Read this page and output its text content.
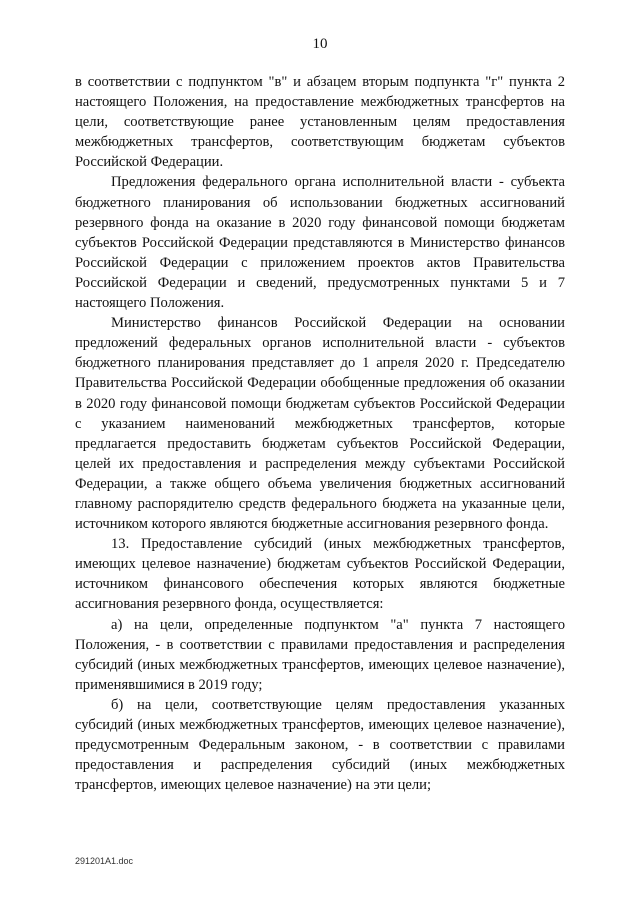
10

в соответствии с подпунктом "в" и абзацем вторым подпункта "г" пункта 2 настоящего Положения, на предоставление межбюджетных трансфертов на цели, соответствующие ранее установленным целям предоставления межбюджетных трансфертов, соответствующим бюджетам субъектов Российской Федерации.

Предложения федерального органа исполнительной власти - субъекта бюджетного планирования об использовании бюджетных ассигнований резервного фонда на оказание в 2020 году финансовой помощи бюджетам субъектов Российской Федерации представляются в Министерство финансов Российской Федерации с приложением проектов актов Правительства Российской Федерации и сведений, предусмотренных пунктами 5 и 7 настоящего Положения.

Министерство финансов Российской Федерации на основании предложений федеральных органов исполнительной власти - субъектов бюджетного планирования представляет до 1 апреля 2020 г. Председателю Правительства Российской Федерации обобщенные предложения об оказании в 2020 году финансовой помощи бюджетам субъектов Российской Федерации с указанием наименований межбюджетных трансфертов, которые предлагается предоставить бюджетам субъектов Российской Федерации, целей их предоставления и распределения между субъектами Российской Федерации, а также общего объема увеличения бюджетных ассигнований главному распорядителю средств федерального бюджета на указанные цели, источником которого являются бюджетные ассигнования резервного фонда.

13. Предоставление субсидий (иных межбюджетных трансфертов, имеющих целевое назначение) бюджетам субъектов Российской Федерации, источником финансового обеспечения которых являются бюджетные ассигнования резервного фонда, осуществляется:

а) на цели, определенные подпунктом "а" пункта 7 настоящего Положения, - в соответствии с правилами предоставления и распределения субсидий (иных межбюджетных трансфертов, имеющих целевое назначение), применявшимися в 2019 году;

б) на цели, соответствующие целям предоставления указанных субсидий (иных межбюджетных трансфертов, имеющих целевое назначение), предусмотренным Федеральным законом, - в соответствии с правилами предоставления и распределения субсидий (иных межбюджетных трансфертов, имеющих целевое назначение) на эти цели;

291201A1.doc
